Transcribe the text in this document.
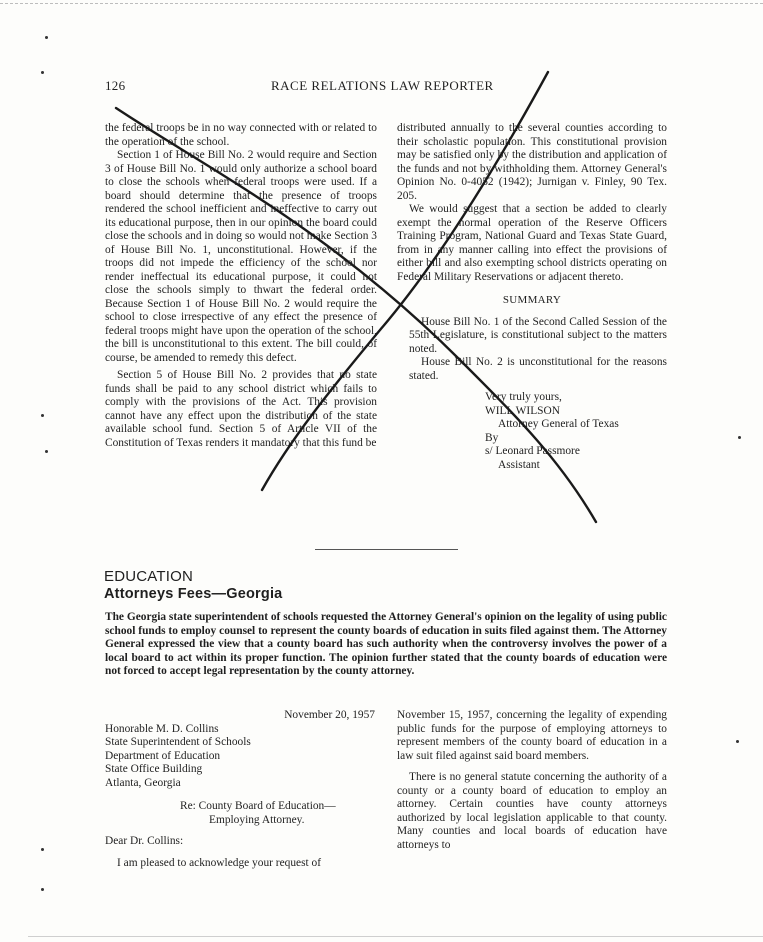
126	RACE RELATIONS LAW REPORTER

the federal troops be in no way connected with or related to the operation of the school.

Section 1 of House Bill No. 2 would require and Section 3 of House Bill No. 1 would only authorize a school board to close the schools when federal troops were used. If a board should determine that the presence of troops rendered the school inefficient and ineffective to carry out its educational purpose, then in our opinion the board could close the schools and in doing so would not make Section 3 of House Bill No. 1, unconstitutional. However, if the troops did not impede the efficiency of the school nor render ineffectual its educational purpose, it could not close the schools simply to thwart the federal order. Because Section 1 of House Bill No. 2 would require the school to close irrespective of any effect the presence of federal troops might have upon the operation of the school, the bill is unconstitutional to this extent. The bill could, of course, be amended to remedy this defect.

Section 5 of House Bill No. 2 provides that no state funds shall be paid to any school district which fails to comply with the provisions of the Act. This provision cannot have any effect upon the distribution of the state available school fund. Section 5 of Article VII of the Constitution of Texas renders it mandatory that this fund be

distributed annually to the several counties according to their scholastic population. This constitutional provision may be satisfied only by the distribution and application of the funds and not by withholding them. Attorney General's Opinion No. 0-4052 (1942); Jurnigan v. Finley, 90 Tex. 205.

We would suggest that a section be added to clearly exempt the normal operation of the Reserve Officers Training Program, National Guard and Texas State Guard, from in any manner calling into effect the provisions of either bill and also exempting school districts operating on Federal Military Reservations or adjacent thereto.

SUMMARY

House Bill No. 1 of the Second Called Session of the 55th Legislature, is constitutional subject to the matters noted.

House Bill No. 2 is unconstitutional for the reasons stated.

Very truly yours,
WILL WILSON
Attorney General of Texas
By
s/ Leonard Passmore
Assistant
EDUCATION
Attorneys Fees—Georgia
The Georgia state superintendent of schools requested the Attorney General's opinion on the legality of using public school funds to employ counsel to represent the county boards of education in suits filed against them. The Attorney General expressed the view that a county board has such authority when the controversy involves the power of a local board to act within its proper function. The opinion further stated that the county boards of education were not forced to accept legal representation by the county attorney.
November 20, 1957
Honorable M. D. Collins
State Superintendent of Schools
Department of Education
State Office Building
Atlanta, Georgia
Re: County Board of Education—
Employing Attorney.
Dear Dr. Collins:

I am pleased to acknowledge your request of

November 15, 1957, concerning the legality of expending public funds for the purpose of employing attorneys to represent members of the county board of education in a law suit filed against said board members.

There is no general statute concerning the authority of a county or a county board of education to employ an attorney. Certain counties have county attorneys authorized by local legislation applicable to that county. Many counties and local boards of education have attorneys to
